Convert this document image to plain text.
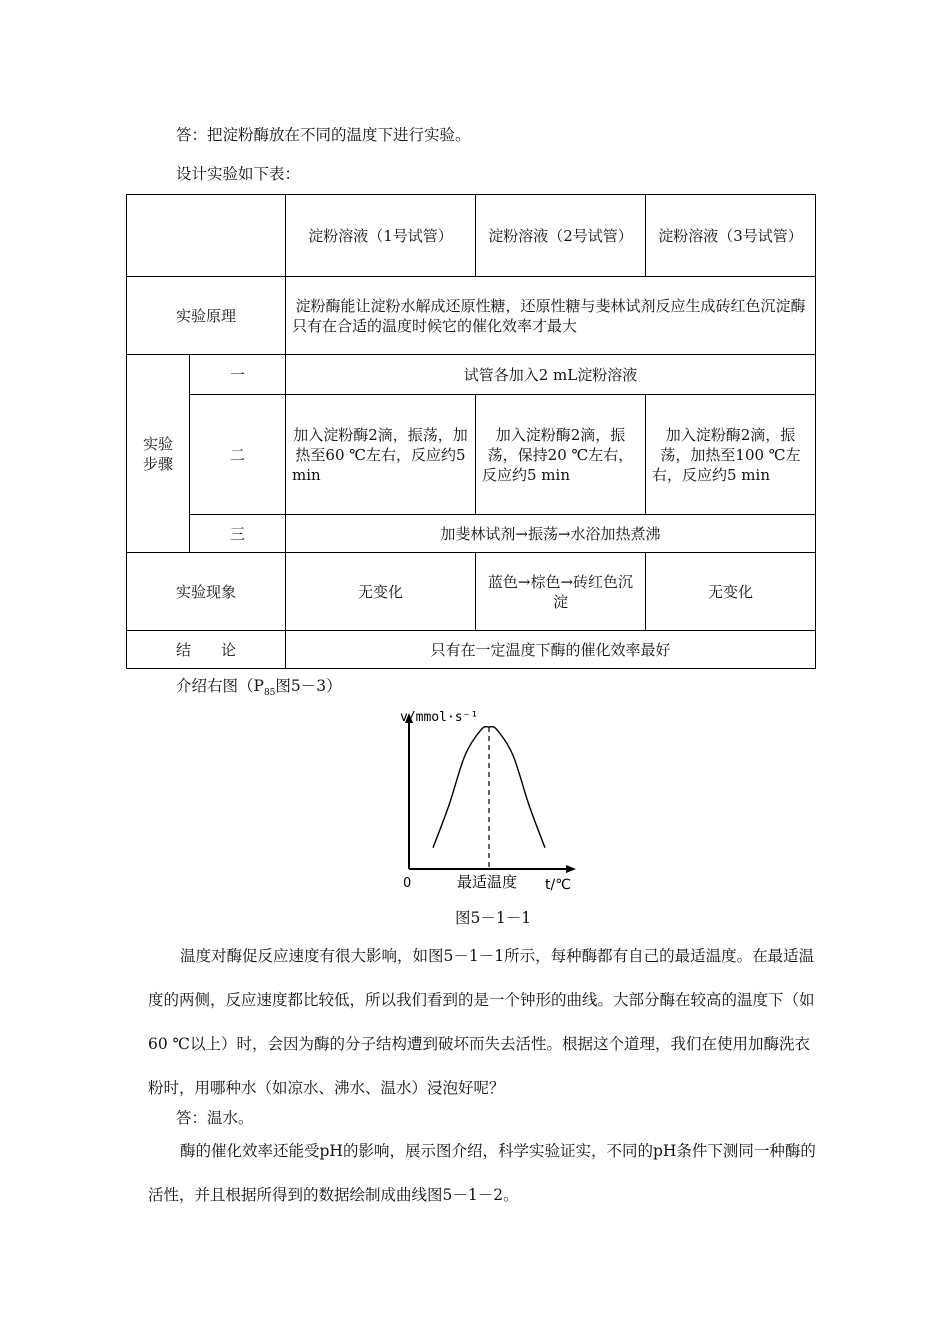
答：把淀粉酶放在不同的温度下进行实验。
设计实验如下表：
		淀粉溶液（1号试管）	淀粉溶液（2号试管）	淀粉溶液（3号试管）
实验原理		淀粉酶能让淀粉水解成还原性糖，还原性糖与斐林试剂反应生成砖红色沉淀酶只有在合适的温度时候它的催化效率才最大		
实验步骤	一	试管各加入2 mL淀粉溶液		
	二	加入淀粉酶2滴，振荡，加热至60 ℃左右，反应约5 min	加入淀粉酶2滴，振荡，保持20 ℃左右，反应约5 min	加入淀粉酶2滴，振荡，加热至100 ℃左右，反应约5 min
	三	加斐林试剂→振荡→水浴加热煮沸		
实验现象		无变化	蓝色→棕色→砖红色沉淀	无变化
结　　论		只有在一定温度下酶的催化效率最好		
介绍右图（$P_{85}$图5－3）
v/mmol·s⁻¹
0	最适温度 t/℃
图5－1－1
温度对酶促反应速度有很大影响，如图5－1－1所示，每种酶都有自己的最适温度。在最适温度的两侧，反应速度都比较低，所以我们看到的是一个钟形的曲线。大部分酶在较高的温度下（如60 ℃以上）时，会因为酶的分子结构遭到破坏而失去活性。根据这个道理，我们在使用加酶洗衣粉时，用哪种水（如凉水、沸水、温水）浸泡好呢？
答：温水。
酶的催化效率还能受pH的影响，展示图介绍，科学实验证实，不同的pH条件下测同一种酶的活性，并且根据所得到的数据绘制成曲线图5－1－2。
